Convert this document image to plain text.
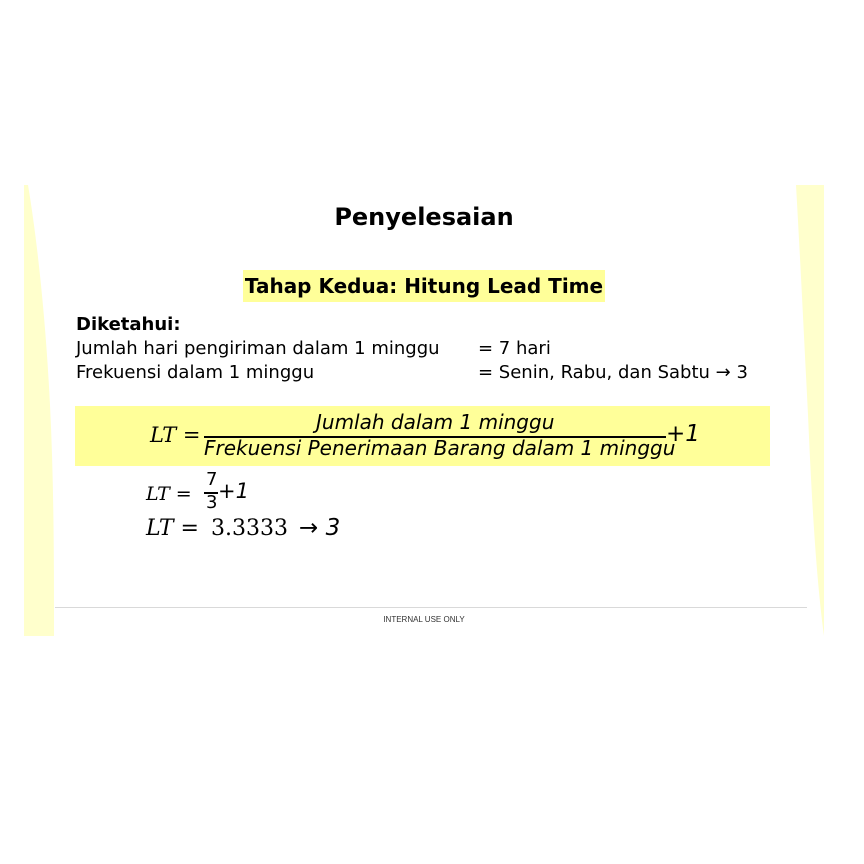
Penyelesaian
Tahap Kedua: Hitung Lead Time
Diketahui:
Jumlah hari pengiriman dalam 1 minggu = 7 hari
Frekuensi dalam 1 minggu	= Senin, Rabu, dan Sabtu → 3
LT =
Jumlah dalam 1 minggu
Frekuensi Penerimaan Barang dalam 1 minggu
+1
LT =
7
3 +1
LT = 3.3333 → 3
INTERNAL USE ONLY
